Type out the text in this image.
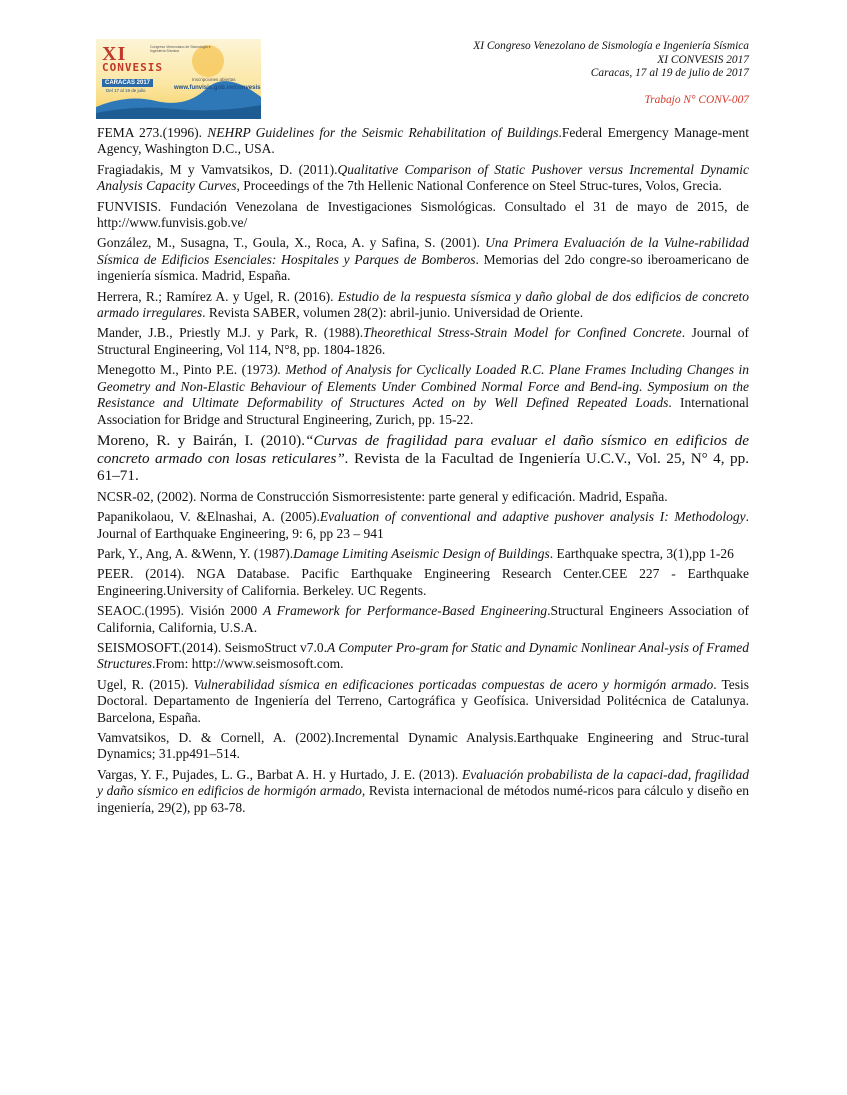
XI
CONVESIS
Congreso Venezolano de Sismología e Ingeniería Sísmica
CARACAS 2017
Del 17 al 19 de julio
Inscripciones abiertas
www.funvisis.gob.ve/convesis
XI Congreso Venezolano de Sismología e Ingeniería Sísmica
XI CONVESIS 2017
Caracas, 17 al 19 de julio de 2017
Trabajo N° CONV-007

FEMA 273.(1996). NEHRP Guidelines for the Seismic Rehabilitation of Buildings.Federal Emergency Manage-ment Agency, Washington D.C., USA.

Fragiadakis, M y Vamvatsikos, D. (2011).Qualitative Comparison of Static Pushover versus Incremental Dynamic Analysis Capacity Curves, Proceedings of the 7th Hellenic National Conference on Steel Struc-tures, Volos, Grecia.

FUNVISIS. Fundación Venezolana de Investigaciones Sismológicas. Consultado el 31 de mayo de 2015, de http://www.funvisis.gob.ve/

González, M., Susagna, T., Goula, X., Roca, A. y Safina, S. (2001). Una Primera Evaluación de la Vulne-rabilidad Sísmica de Edificios Esenciales: Hospitales y Parques de Bomberos. Memorias del 2do congre-so iberoamericano de ingeniería sísmica. Madrid, España.

Herrera, R.; Ramírez A. y Ugel, R. (2016). Estudio de la respuesta sísmica y daño global de dos edificios de concreto armado irregulares. Revista SABER, volumen 28(2): abril-junio. Universidad de Oriente.

Mander, J.B., Priestly M.J. y Park, R. (1988).Theorethical Stress-Strain Model for Confined Concrete. Journal of Structural Engineering, Vol 114, N°8, pp. 1804-1826.

Menegotto M., Pinto P.E. (1973). Method of Analysis for Cyclically Loaded R.C. Plane Frames Including Changes in Geometry and Non-Elastic Behaviour of Elements Under Combined Normal Force and Bend-ing. Symposium on the Resistance and Ultimate Deformability of Structures Acted on by Well Defined Repeated Loads. International Association for Bridge and Structural Engineering, Zurich, pp. 15-22.

Moreno, R. y Bairán, I. (2010).“Curvas de fragilidad para evaluar el daño sísmico en edificios de concreto armado con losas reticulares”. Revista de la Facultad de Ingeniería U.C.V., Vol. 25, N° 4, pp. 61–71.

NCSR-02, (2002). Norma de Construcción Sismorresistente: parte general y edificación. Madrid, España.

Papanikolaou, V. &Elnashai, A. (2005).Evaluation of conventional and adaptive pushover analysis I: Methodology. Journal of Earthquake Engineering, 9: 6, pp 23 – 941

Park, Y., Ang, A. &Wenn, Y. (1987).Damage Limiting Aseismic Design of Buildings. Earthquake spectra, 3(1),pp 1-26

PEER. (2014). NGA Database. Pacific Earthquake Engineering Research Center.CEE 227 - Earthquake Engineering.University of California. Berkeley. UC Regents.

SEAOC.(1995). Visión 2000 A Framework for Performance-Based Engineering.Structural Engineers Association of California, California, U.S.A.

SEISMOSOFT.(2014). SeismoStruct v7.0.A Computer Pro-gram for Static and Dynamic Nonlinear Anal-ysis of Framed Structures.From: http://www.seismosoft.com.

Ugel, R. (2015). Vulnerabilidad sísmica en edificaciones porticadas compuestas de acero y hormigón armado. Tesis Doctoral. Departamento de Ingeniería del Terreno, Cartográfica y Geofísica. Universidad Politécnica de Catalunya. Barcelona, España.

Vamvatsikos, D. & Cornell, A. (2002).Incremental Dynamic Analysis.Earthquake Engineering and Struc-tural Dynamics; 31.pp491–514.

Vargas, Y. F., Pujades, L. G., Barbat A. H. y Hurtado, J. E. (2013). Evaluación probabilista de la capaci-dad, fragilidad y daño sísmico en edificios de hormigón armado, Revista internacional de métodos numé-ricos para cálculo y diseño en ingeniería, 29(2), pp 63-78.
